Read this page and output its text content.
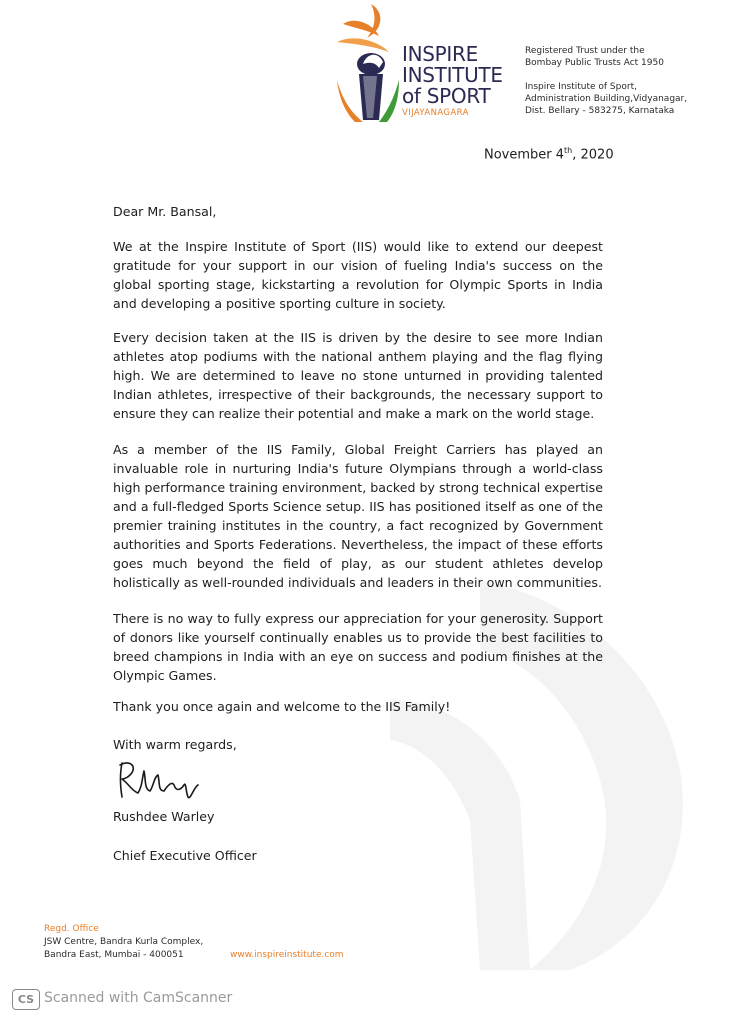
INSPIRE
INSTITUTE
of SPORT
VIJAYANAGARA
Registered Trust under the
Bombay Public Trusts Act 1950
Inspire Institute of Sport,
Administration Building,Vidyanagar,
Dist. Bellary - 583275, Karnataka
November 4th, 2020
Dear Mr. Bansal,
We at the Inspire Institute of Sport (IIS) would like to extend our deepest gratitude for your support in our vision of fueling India's success on the global sporting stage, kickstarting a revolution for Olympic Sports in India and developing a positive sporting culture in society.
Every decision taken at the IIS is driven by the desire to see more Indian athletes atop podiums with the national anthem playing and the flag flying high. We are determined to leave no stone unturned in providing talented Indian athletes, irrespective of their backgrounds, the necessary support to ensure they can realize their potential and make a mark on the world stage.
As a member of the IIS Family, Global Freight Carriers has played an invaluable role in nurturing India's future Olympians through a world-class high performance training environment, backed by strong technical expertise and a full-fledged Sports Science setup. IIS has positioned itself as one of the premier training institutes in the country, a fact recognized by Government authorities and Sports Federations. Nevertheless, the impact of these efforts goes much beyond the field of play, as our student athletes develop holistically as well-rounded individuals and leaders in their own communities.
There is no way to fully express our appreciation for your generosity. Support of donors like yourself continually enables us to provide the best facilities to breed champions in India with an eye on success and podium finishes at the Olympic Games.
Thank you once again and welcome to the IIS Family!
With warm regards,
Rushdee Warley
Chief Executive Officer
Regd. Office
JSW Centre, Bandra Kurla Complex,
Bandra East, Mumbai - 400051	www.inspireinstitute.com
CS Scanned with CamScanner
